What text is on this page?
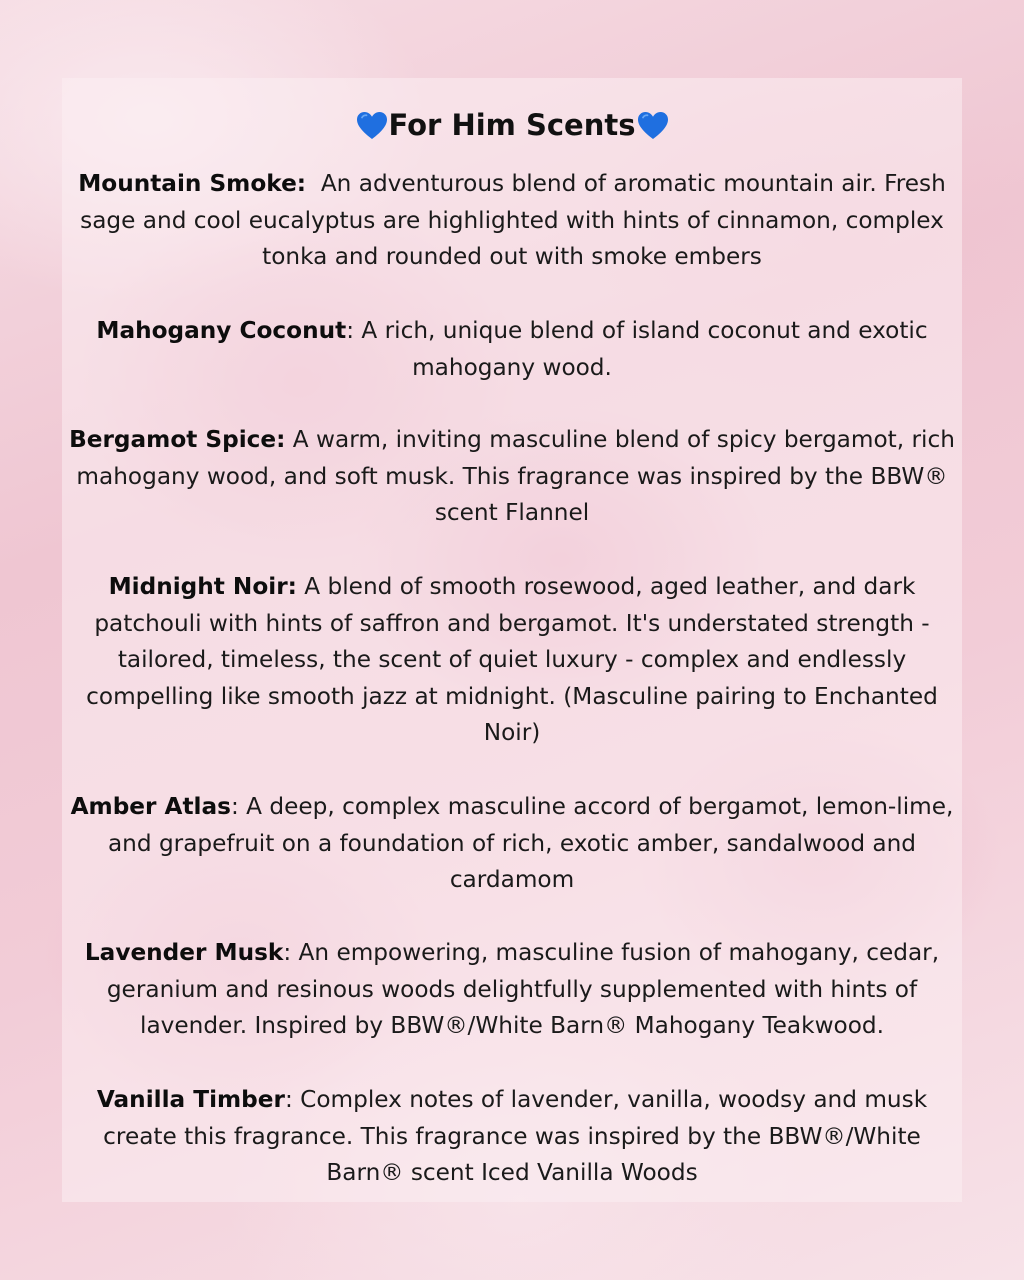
For Him Scents
Mountain Smoke:  An adventurous blend of aromatic mountain air. Fresh sage and cool eucalyptus are highlighted with hints of cinnamon, complex tonka and rounded out with smoke embers
Mahogany Coconut: A rich, unique blend of island coconut and exotic mahogany wood.
Bergamot Spice: A warm, inviting masculine blend of spicy bergamot, rich mahogany wood, and soft musk. This fragrance was inspired by the BBW® scent Flannel
Midnight Noir: A blend of smooth rosewood, aged leather, and dark patchouli with hints of saffron and bergamot. It's understated strength - tailored, timeless, the scent of quiet luxury - complex and endlessly compelling like smooth jazz at midnight. (Masculine pairing to Enchanted Noir)
Amber Atlas: A deep, complex masculine accord of bergamot, lemon-lime, and grapefruit on a foundation of rich, exotic amber, sandalwood and cardamom
Lavender Musk: An empowering, masculine fusion of mahogany, cedar, geranium and resinous woods delightfully supplemented with hints of lavender. Inspired by BBW®/White Barn® Mahogany Teakwood.
Vanilla Timber: Complex notes of lavender, vanilla, woodsy and musk create this fragrance. This fragrance was inspired by the BBW®/White Barn® scent Iced Vanilla Woods
